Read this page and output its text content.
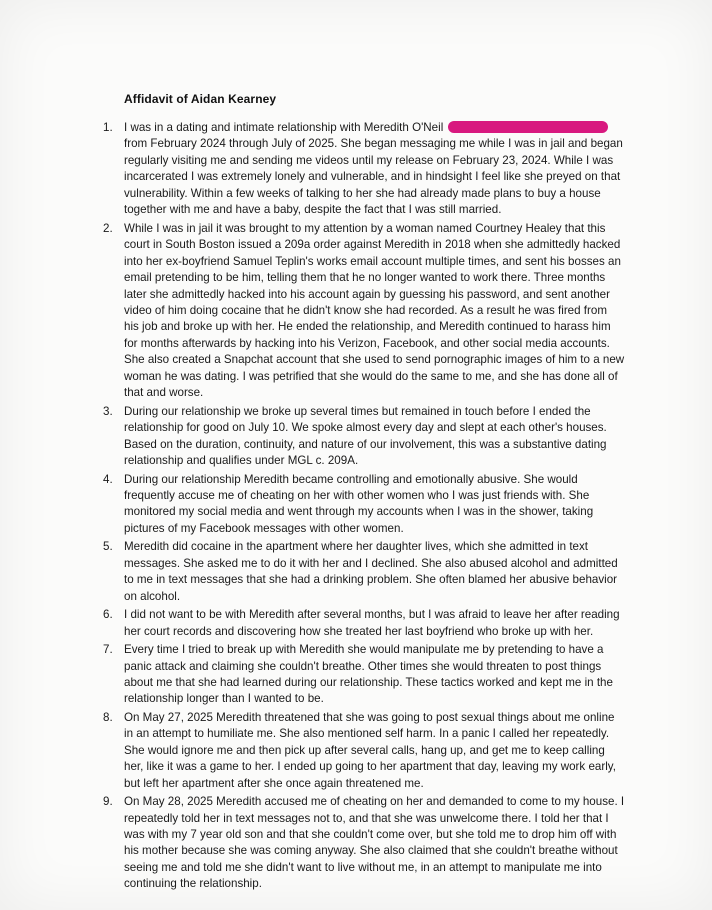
Affidavit of Aidan Kearney
1. I was in a dating and intimate relationship with Meredith O'Neil
from February 2024 through July of 2025. She began messaging me while I was in jail and began
regularly visiting me and sending me videos until my release on February 23, 2024. While I was
incarcerated I was extremely lonely and vulnerable, and in hindsight I feel like she preyed on that
vulnerability. Within a few weeks of talking to her she had already made plans to buy a house
together with me and have a baby, despite the fact that I was still married.
2. While I was in jail it was brought to my attention by a woman named Courtney Healey that this
court in South Boston issued a 209a order against Meredith in 2018 when she admittedly hacked
into her ex-boyfriend Samuel Teplin's works email account multiple times, and sent his bosses an
email pretending to be him, telling them that he no longer wanted to work there. Three months
later she admittedly hacked into his account again by guessing his password, and sent another
video of him doing cocaine that he didn't know she had recorded. As a result he was fired from
his job and broke up with her. He ended the relationship, and Meredith continued to harass him
for months afterwards by hacking into his Verizon, Facebook, and other social media accounts.
She also created a Snapchat account that she used to send pornographic images of him to a new
woman he was dating. I was petrified that she would do the same to me, and she has done all of
that and worse.
3. During our relationship we broke up several times but remained in touch before I ended the
relationship for good on July 10. We spoke almost every day and slept at each other's houses.
Based on the duration, continuity, and nature of our involvement, this was a substantive dating
relationship and qualifies under MGL c. 209A.
4. During our relationship Meredith became controlling and emotionally abusive. She would
frequently accuse me of cheating on her with other women who I was just friends with. She
monitored my social media and went through my accounts when I was in the shower, taking
pictures of my Facebook messages with other women.
5. Meredith did cocaine in the apartment where her daughter lives, which she admitted in text
messages. She asked me to do it with her and I declined. She also abused alcohol and admitted
to me in text messages that she had a drinking problem. She often blamed her abusive behavior
on alcohol.
6. I did not want to be with Meredith after several months, but I was afraid to leave her after reading
her court records and discovering how she treated her last boyfriend who broke up with her.
7. Every time I tried to break up with Meredith she would manipulate me by pretending to have a
panic attack and claiming she couldn't breathe. Other times she would threaten to post things
about me that she had learned during our relationship. These tactics worked and kept me in the
relationship longer than I wanted to be.
8. On May 27, 2025 Meredith threatened that she was going to post sexual things about me online
in an attempt to humiliate me. She also mentioned self harm. In a panic I called her repeatedly.
She would ignore me and then pick up after several calls, hang up, and get me to keep calling
her, like it was a game to her. I ended up going to her apartment that day, leaving my work early,
but left her apartment after she once again threatened me.
9. On May 28, 2025 Meredith accused me of cheating on her and demanded to come to my house. I
repeatedly told her in text messages not to, and that she was unwelcome there. I told her that I
was with my 7 year old son and that she couldn't come over, but she told me to drop him off with
his mother because she was coming anyway. She also claimed that she couldn't breathe without
seeing me and told me she didn't want to live without me, in an attempt to manipulate me into
continuing the relationship.
